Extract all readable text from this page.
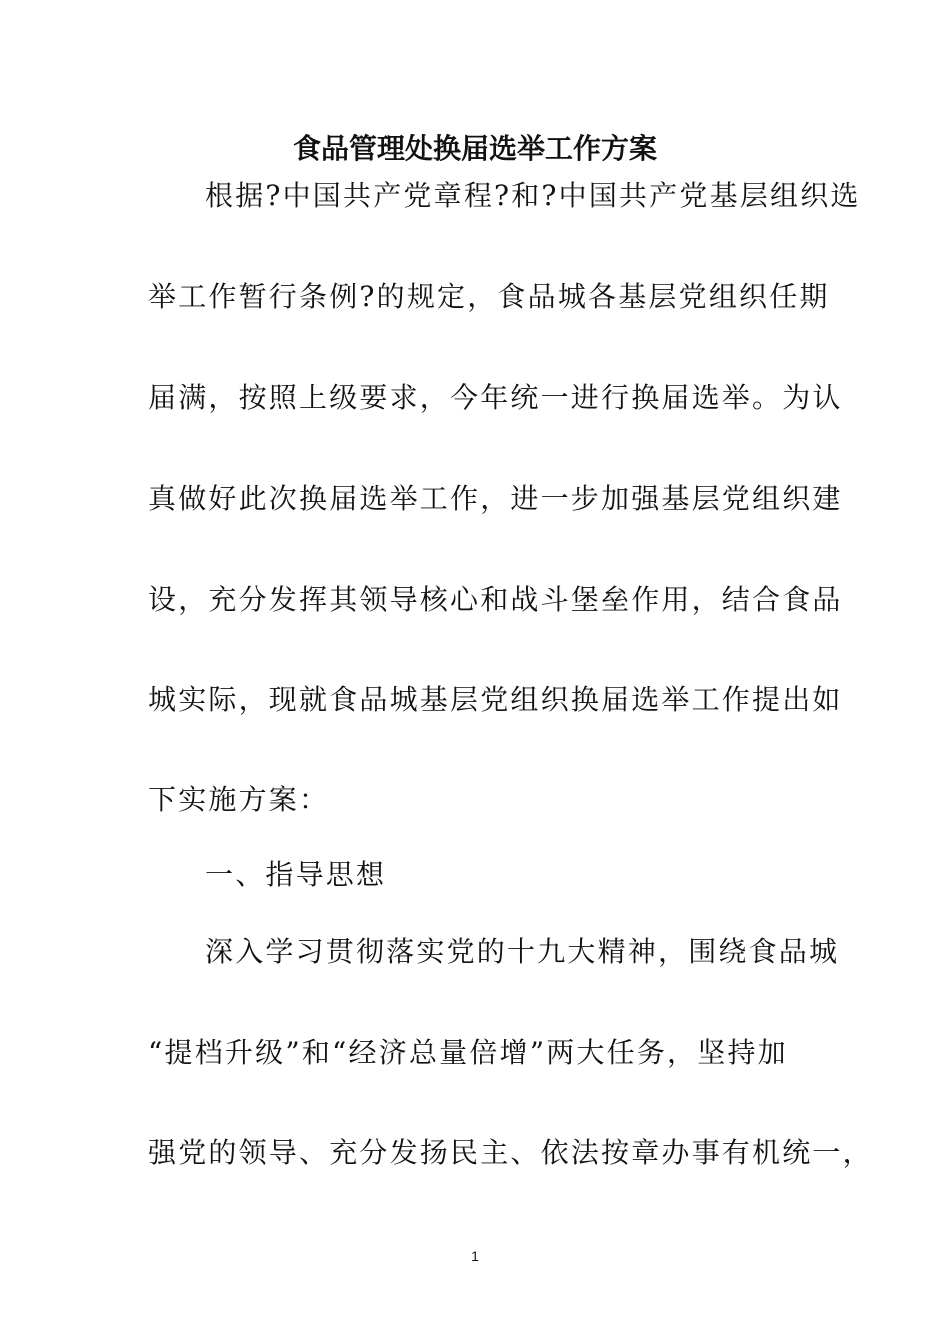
食品管理处换届选举工作方案

根据?中国共产党章程?和?中国共产党基层组织选

举工作暂行条例?的规定，食品城各基层党组织任期

届满，按照上级要求，今年统一进行换届选举。为认

真做好此次换届选举工作，进一步加强基层党组织建

设，充分发挥其领导核心和战斗堡垒作用，结合食品

城实际，现就食品城基层党组织换届选举工作提出如

下实施方案：

一、指导思想

深入学习贯彻落实党的十九大精神，围绕食品城

“提档升级”和“经济总量倍增”两大任务，坚持加

强党的领导、充分发扬民主、依法按章办事有机统一，

1
